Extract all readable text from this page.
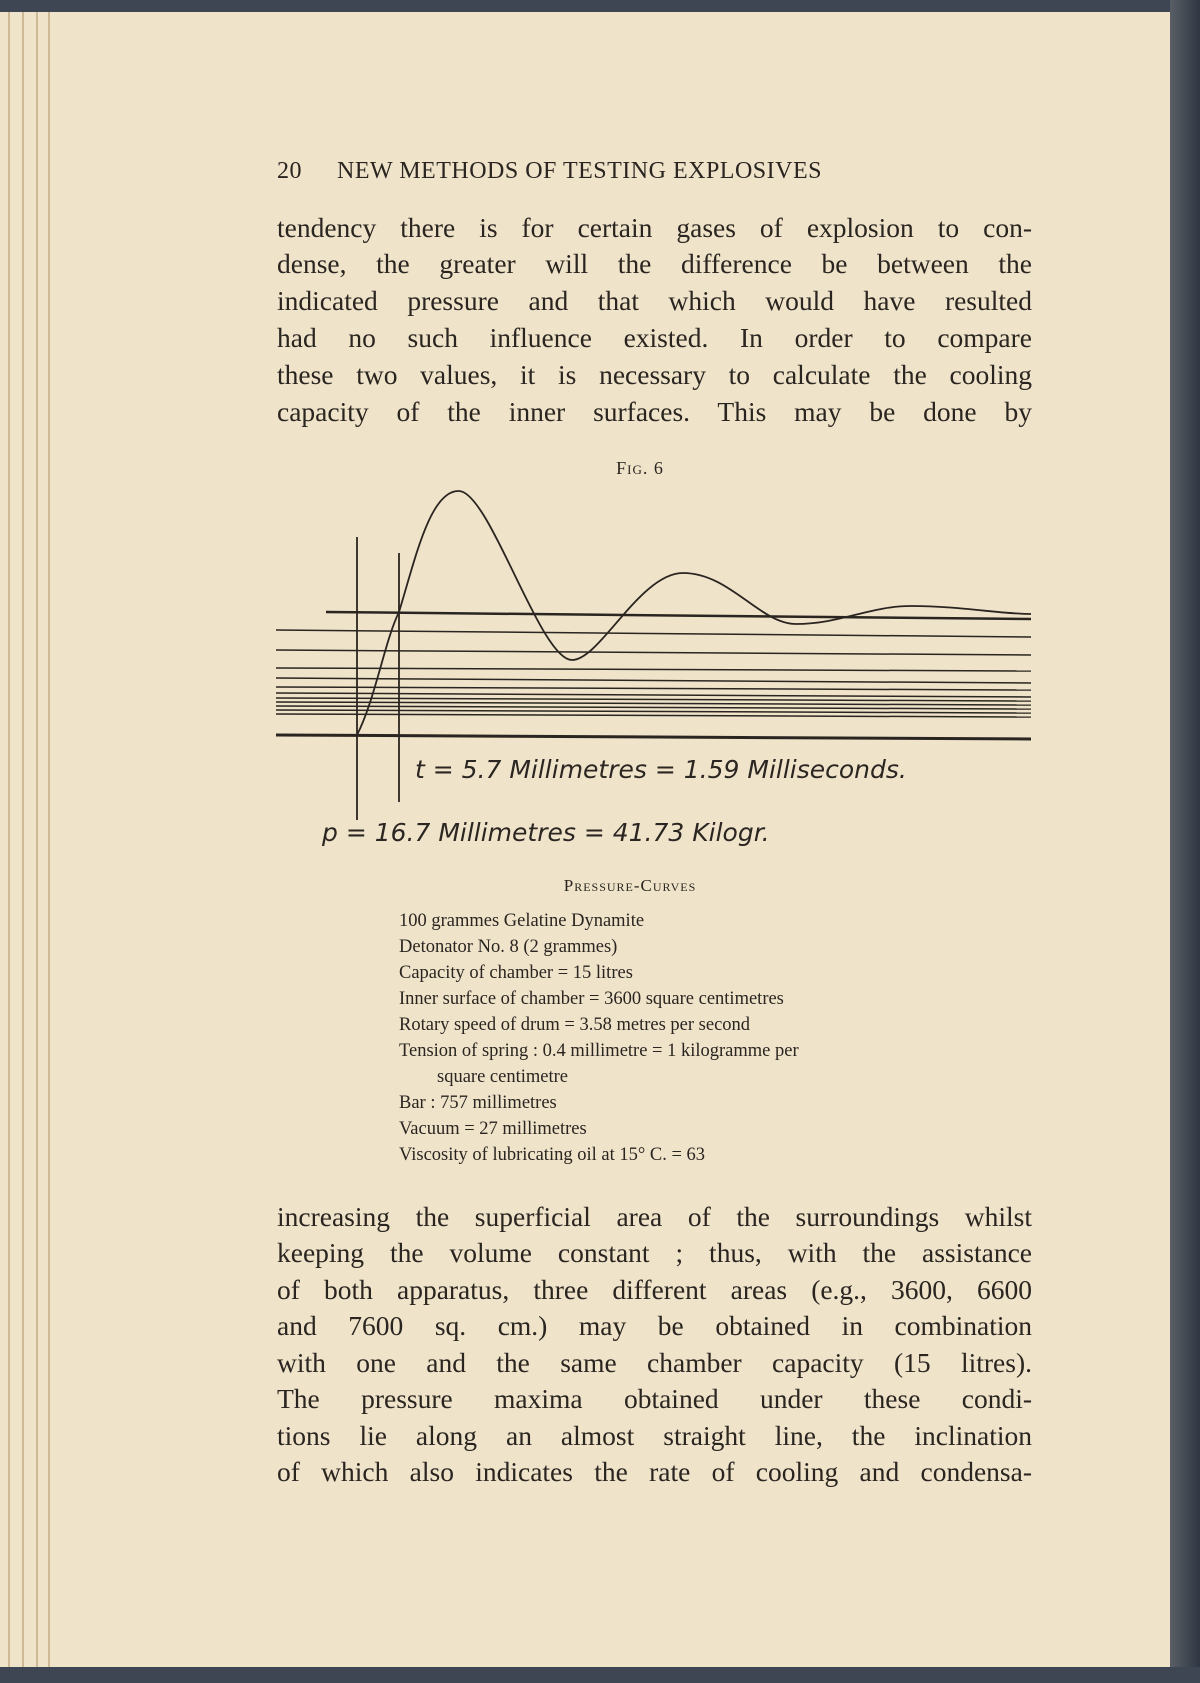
20	NEW METHODS OF TESTING EXPLOSIVES
tendency there is for certain gases of explosion to con-
dense, the greater will the difference be between the
indicated pressure and that which would have resulted
had no such influence existed. In order to compare
these two values, it is necessary to calculate the cooling
capacity of the inner surfaces. This may be done by
Fig. 6
t = 5.7 Millimetres = 1.59 Milliseconds.
p = 16.7 Millimetres = 41.73 Kilogr.
Pressure-Curves
100 grammes Gelatine Dynamite
Detonator No. 8 (2 grammes)
Capacity of chamber = 15 litres
Inner surface of chamber = 3600 square centimetres
Rotary speed of drum = 3.58 metres per second
Tension of spring : 0.4 millimetre = 1 kilogramme per
square centimetre
Bar : 757 millimetres
Vacuum = 27 millimetres
Viscosity of lubricating oil at 15° C. = 63
increasing the superficial area of the surroundings whilst
keeping the volume constant ; thus, with the assistance
of both apparatus, three different areas (e.g., 3600, 6600
and 7600 sq. cm.) may be obtained in combination
with one and the same chamber capacity (15 litres).
The pressure maxima obtained under these condi-
tions lie along an almost straight line, the inclination
of which also indicates the rate of cooling and condensa-
